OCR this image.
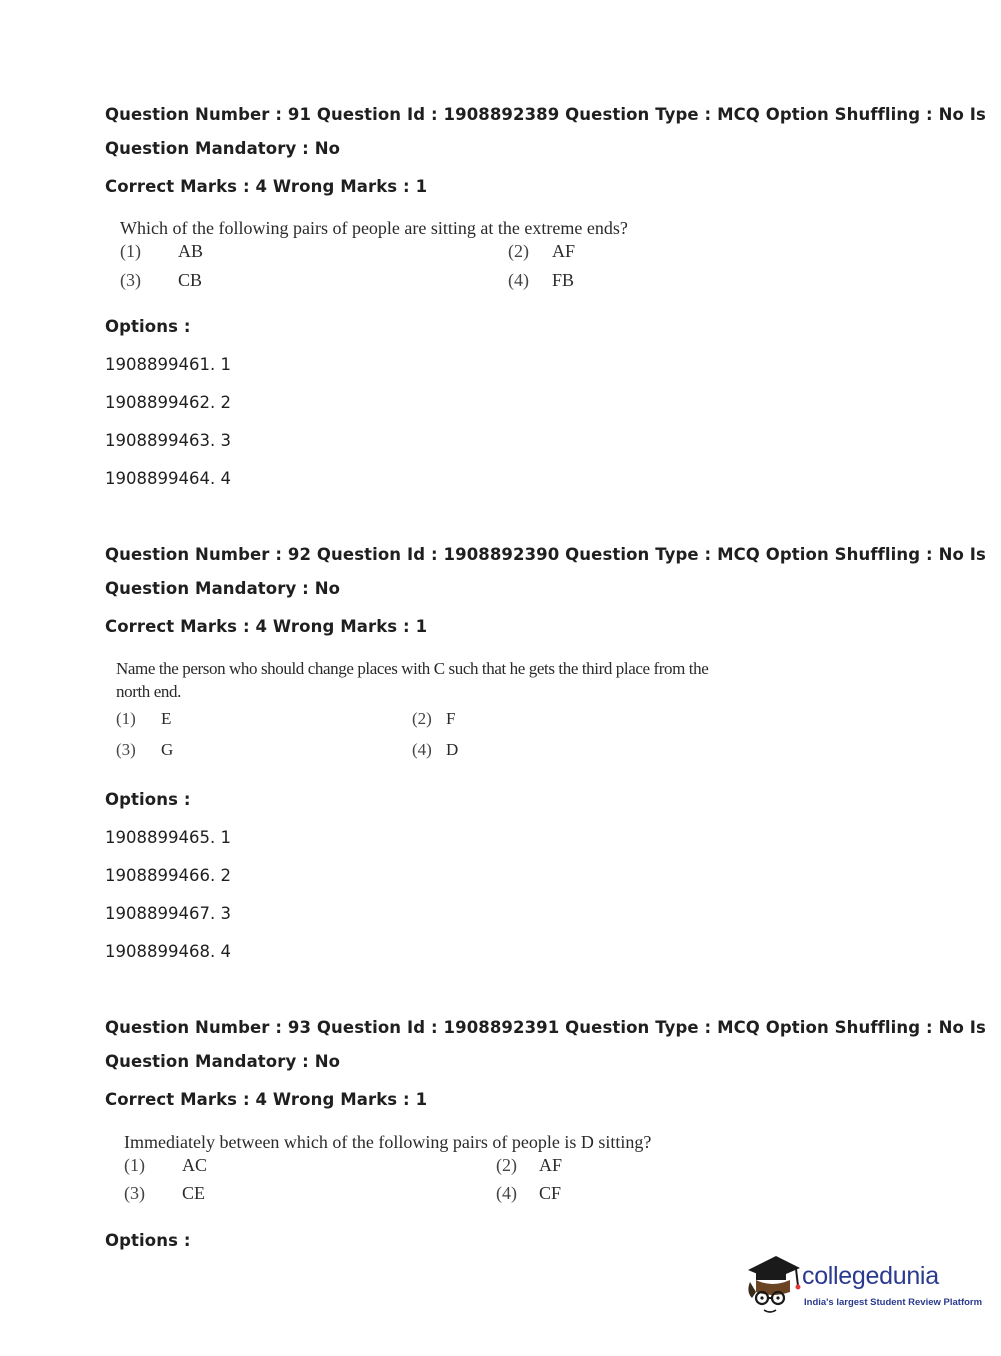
Question Number : 91 Question Id : 1908892389 Question Type : MCQ Option Shuffling : No Is
Question Mandatory : No
Correct Marks : 4 Wrong Marks : 1
Which of the following pairs of people are sitting at the extreme ends?
(1) AB	(2) AF
(3) CB	(4) FB
Options :
1908899461. 1
1908899462. 2
1908899463. 3
1908899464. 4
Question Number : 92 Question Id : 1908892390 Question Type : MCQ Option Shuffling : No Is
Question Mandatory : No
Correct Marks : 4 Wrong Marks : 1
Name the person who should change places with C such that he gets the third place from the north end.
(1) E	(2) F
(3) G	(4) D
Options :
1908899465. 1
1908899466. 2
1908899467. 3
1908899468. 4
Question Number : 93 Question Id : 1908892391 Question Type : MCQ Option Shuffling : No Is
Question Mandatory : No
Correct Marks : 4 Wrong Marks : 1
Immediately between which of the following pairs of people is D sitting?
(1) AC	(2) AF
(3) CE	(4) CF
Options :
collegedunia
India's largest Student Review Platform
